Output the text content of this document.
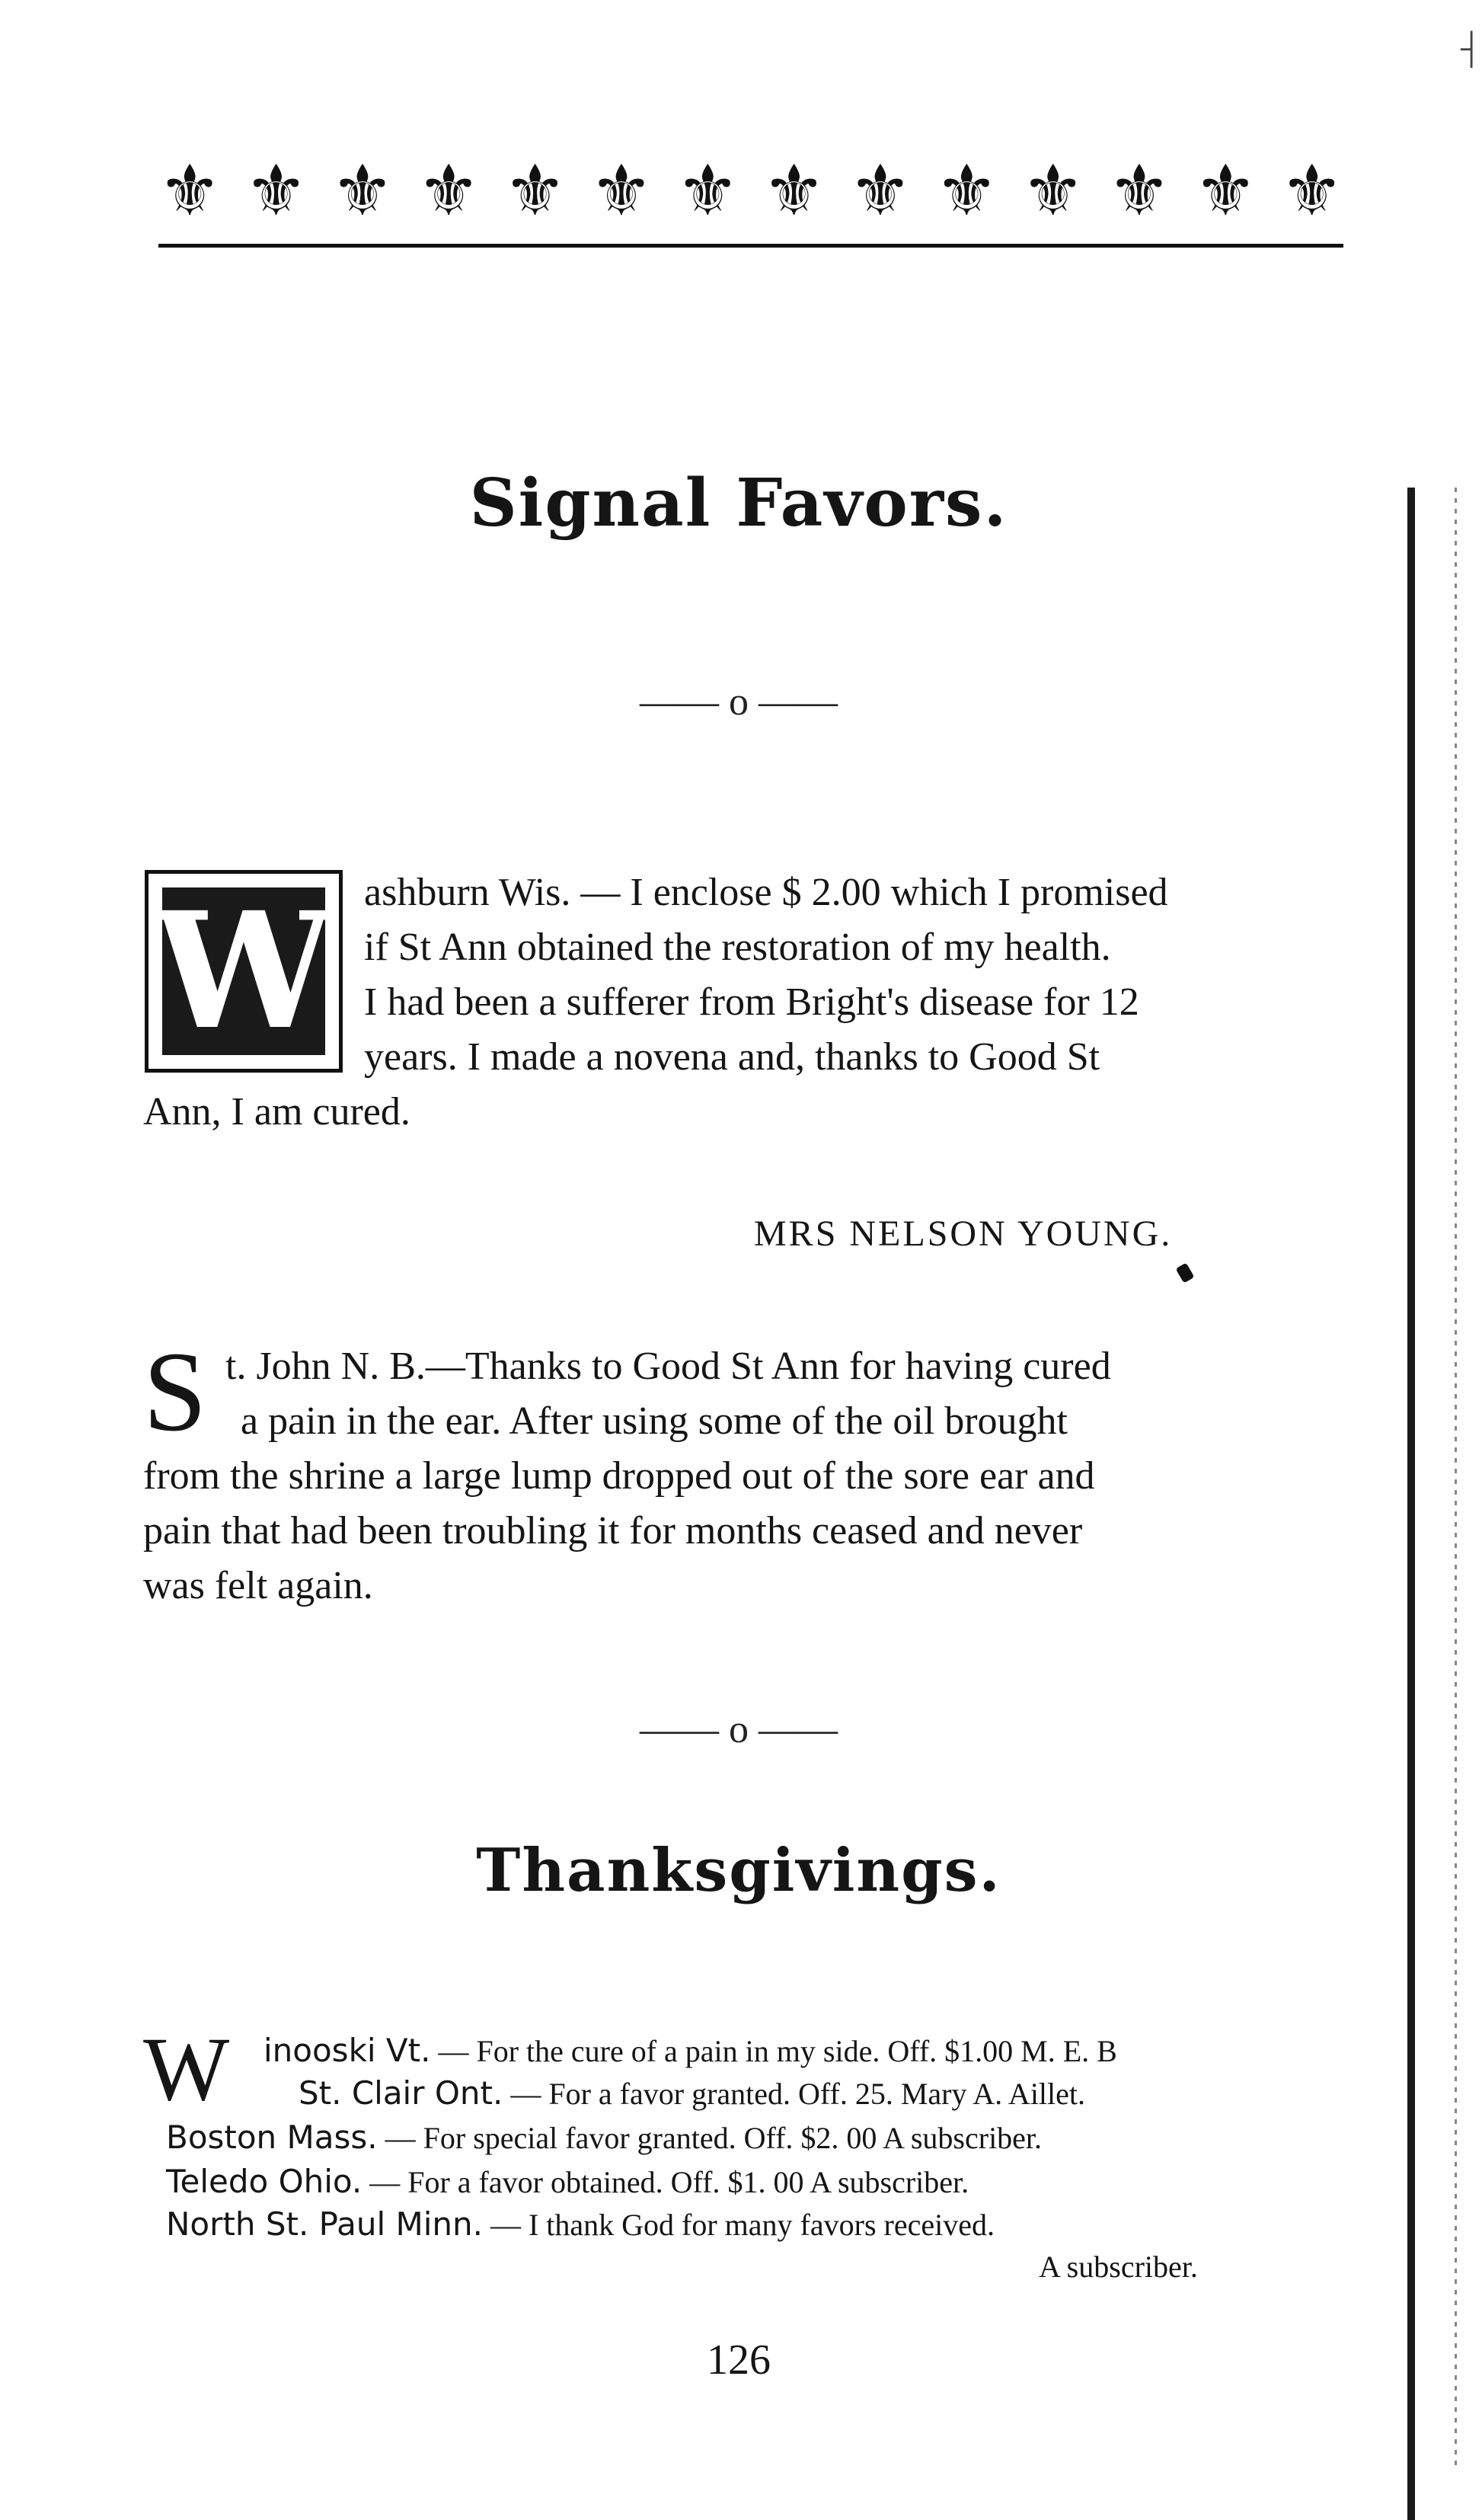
┤
⚜ ⚜ ⚜ ⚜ ⚜ ⚜ ⚜ ⚜ ⚜ ⚜ ⚜ ⚜ ⚜ ⚜
Signal Favors.
—— o ——
W ashburn Wis. — I enclose $ 2.00 which I promised
if St Ann obtained the restoration of my health.
I had been a sufferer from Bright's disease for 12
years. I made a novena and, thanks to Good St
Ann, I am cured.
MRS NELSON YOUNG.
S t. John N. B.—Thanks to Good St Ann for having cured
a pain in the ear. After using some of the oil brought
from the shrine a large lump dropped out of the sore ear and
pain that had been troubling it for months ceased and never
was felt again.
—— o ——
Thanksgivings.
W inooski Vt. — For the cure of a pain in my side. Off. $1.00 M. E. B
St. Clair Ont. — For a favor granted. Off. 25. Mary A. Aillet.
Boston Mass. — For special favor granted. Off. $2. 00 A subscriber.
Teledo Ohio. — For a favor obtained. Off. $1. 00 A subscriber.
North St. Paul Minn. — I thank God for many favors received.
A subscriber.
126
